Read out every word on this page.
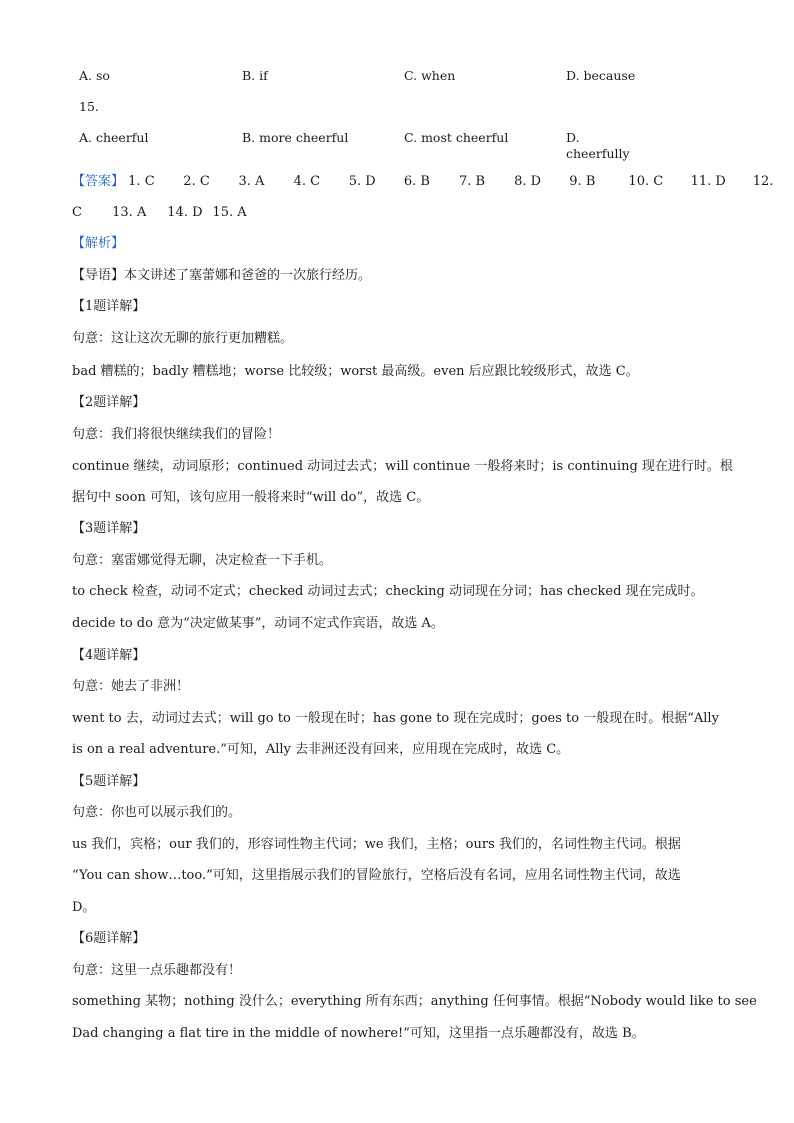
A. so	B. if	C. when	D. because
15.
A. cheerful	B. more cheerful	C. most cheerful	D.
cheerfully
【答案】 1. C 2. C 3. A 4. C 5. D 6. B 7. B 8. D 9. B	10. C 11. D 12.
C 13. A 14. D 15. A
【解析】
【导语】本文讲述了塞蕾娜和爸爸的一次旅行经历。
【1题详解】
句意：这让这次无聊的旅行更加糟糕。
bad 糟糕的；badly 糟糕地；worse 比较级；worst 最高级。even 后应跟比较级形式，故选 C。
【2题详解】
句意：我们将很快继续我们的冒险！
continue 继续，动词原形；continued 动词过去式；will continue 一般将来时；is continuing 现在进行时。根
据句中 soon 可知，该句应用一般将来时“will do”，故选 C。
【3题详解】
句意：塞雷娜觉得无聊，决定检查一下手机。
to check 检查，动词不定式；checked 动词过去式；checking 动词现在分词；has checked 现在完成时。
decide to do 意为“决定做某事”，动词不定式作宾语，故选 A。
【4题详解】
句意：她去了非洲！
went to 去，动词过去式；will go to 一般现在时；has gone to 现在完成时；goes to 一般现在时。根据“Ally
is on a real adventure.”可知，Ally 去非洲还没有回来，应用现在完成时，故选 C。
【5题详解】
句意：你也可以展示我们的。
us 我们，宾格；our 我们的，形容词性物主代词；we 我们，主格；ours 我们的，名词性物主代词。根据
“You can show…too.”可知，这里指展示我们的冒险旅行，空格后没有名词，应用名词性物主代词，故选
D。
【6题详解】
句意：这里一点乐趣都没有！
something 某物；nothing 没什么；everything 所有东西；anything 任何事情。根据“Nobody would like to see
Dad changing a flat tire in the middle of nowhere!”可知，这里指一点乐趣都没有，故选 B。
